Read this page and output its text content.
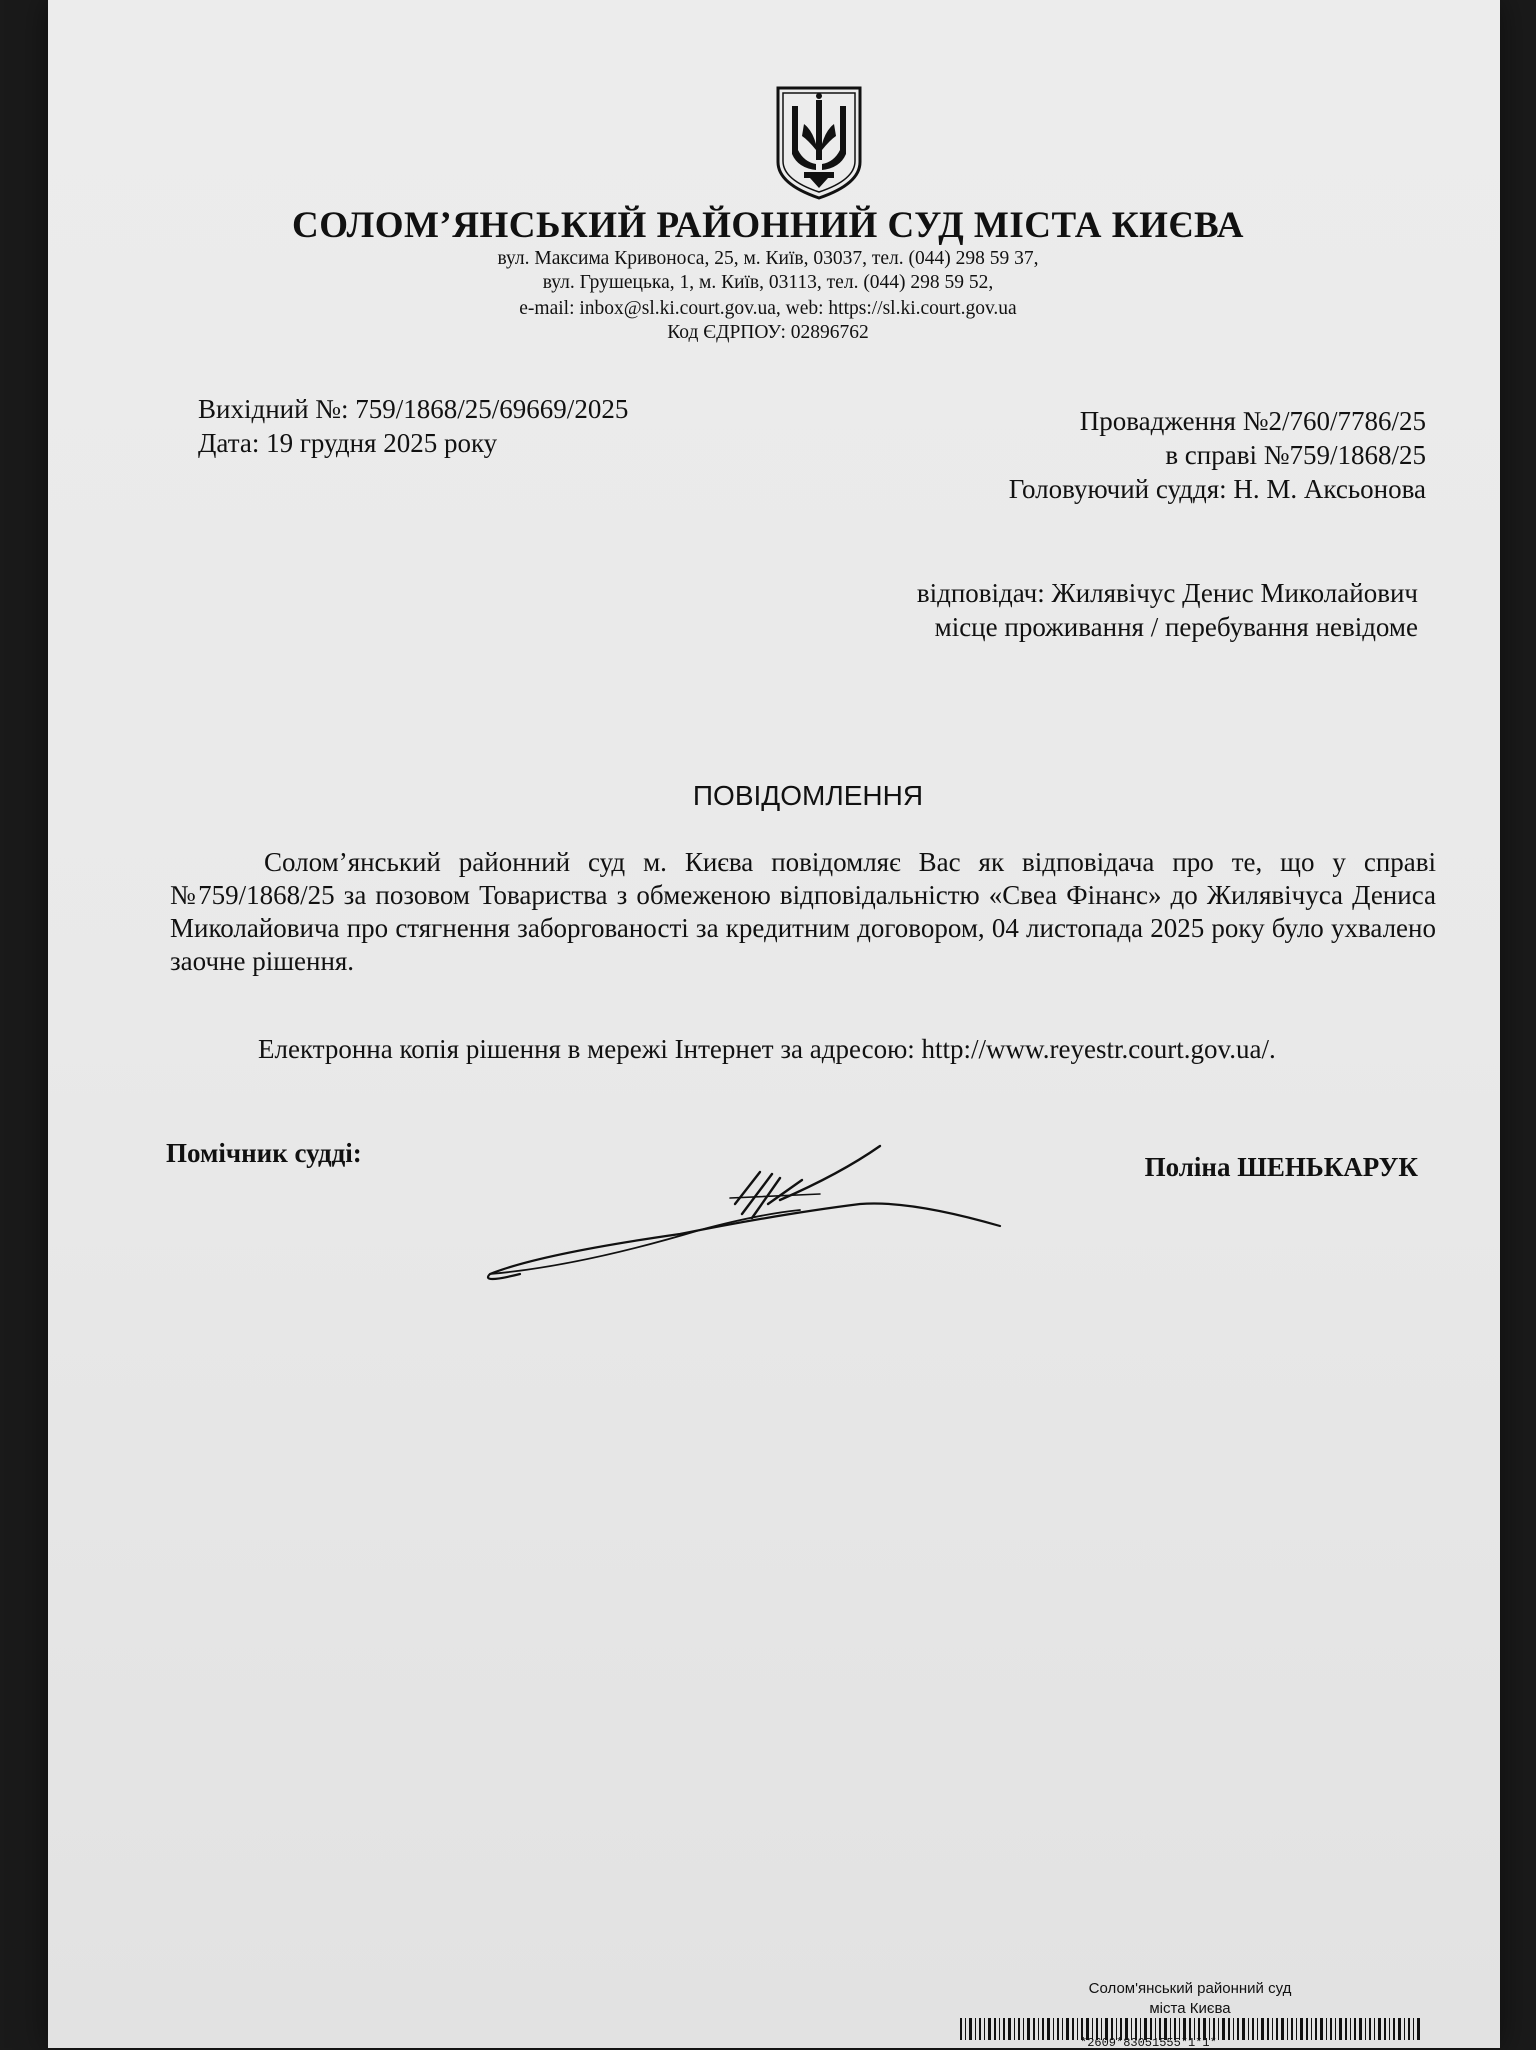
СОЛОМ’ЯНСЬКИЙ РАЙОННИЙ СУД МІСТА КИЄВА
вул. Максима Кривоноса, 25, м. Київ, 03037, тел. (044) 298 59 37,
вул. Грушецька, 1, м. Київ, 03113, тел. (044) 298 59 52,
e-mail: inbox@sl.ki.court.gov.ua, web: https://sl.ki.court.gov.ua
Код ЄДРПОУ: 02896762
Вихідний №: 759/1868/25/69669/2025
Дата: 19 грудня 2025 року
Провадження №2/760/7786/25
в справі №759/1868/25
Головуючий суддя: Н. М. Аксьонова
відповідач: Жилявічус Денис Миколайович
місце проживання / перебування невідоме
ПОВІДОМЛЕННЯ
Солом’янський районний суд м. Києва повідомляє Вас як відповідача про те, що у справі №759/1868/25 за позовом Товариства з обмеженою відповідальністю «Свеа Фінанс» до Жилявічуса Дениса Миколайовича про стягнення заборгованості за кредитним договором, 04 листопада 2025 року було ухвалено заочне рішення.
Електронна копія рішення в мережі Інтернет за адресою: http://www.reyestr.court.gov.ua/.
Помічник судді:	Поліна ШЕНЬКАРУК
Солом'янський районний суд
міста Києва
*2609*83051555*1*1*
